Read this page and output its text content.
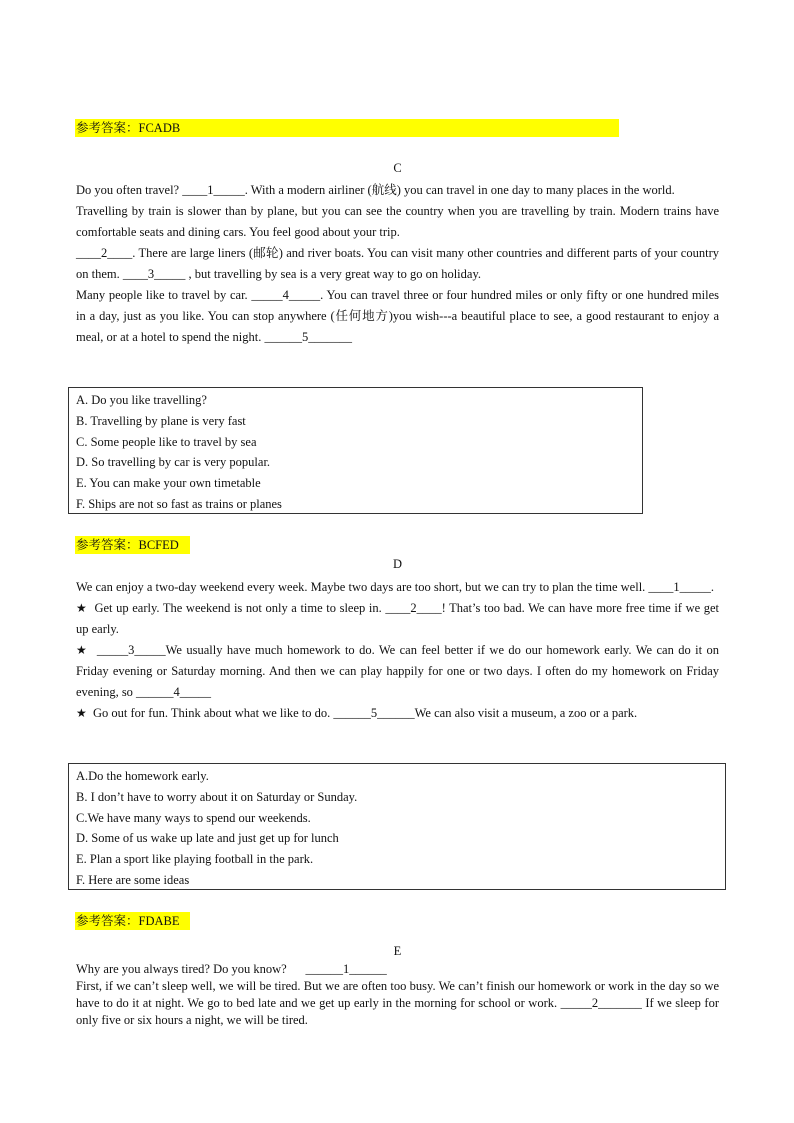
参考答案：FCADB
C

Do you often travel? ____1_____. With a modern airliner (航线) you can travel in one day to many places in the world.

Travelling by train is slower than by plane, but you can see the country when you are travelling by train. Modern trains have comfortable seats and dining cars. You feel good about your trip.

____2____. There are large liners (邮轮) and river boats. You can visit many other countries and different parts of your country on them. ____3_____ , but travelling by sea is a very great way to go on holiday.

Many people like to travel by car. _____4_____. You can travel three or four hundred miles or only fifty or one hundred miles in a day, just as you like. You can stop anywhere (任何地方)you wish---a beautiful place to see, a good restaurant to enjoy a meal, or at a hotel to spend the night. ______5_______

A. Do you like travelling?
B. Travelling by plane is very fast
C. Some people like to travel by sea
D. So travelling by car is very popular.
E. You can make your own timetable
F. Ships are not so fast as trains or planes
参考答案：BCFED
D

We can enjoy a two-day weekend every week. Maybe two days are too short, but we can try to plan the time well. ____1_____.

★ Get up early. The weekend is not only a time to sleep in. ____2____! That’s too bad. We can have more free time if we get up early.

★ _____3_____We usually have much homework to do. We can feel better if we do our homework early. We can do it on Friday evening or Saturday morning. And then we can play happily for one or two days. I often do my homework on Friday evening, so ______4_____

★ Go out for fun. Think about what we like to do. ______5______We can also visit a museum, a zoo or a park.

A.Do the homework early.
B. I don’t have to worry about it on Saturday or Sunday.
C.We have many ways to spend our weekends.
D. Some of us wake up late and just get up for lunch
E. Plan a sport like playing football in the park.
F. Here are some ideas
参考答案：FDABE
E

Why are you always tired? Do you know?      ______1______

First, if we can’t sleep well, we will be tired. But we are often too busy. We can’t finish our homework or work in the day so we have to do it at night. We go to bed late and we get up early in the morning for school or work. _____2_______ If we sleep for only five or six hours a night, we will be tired.
